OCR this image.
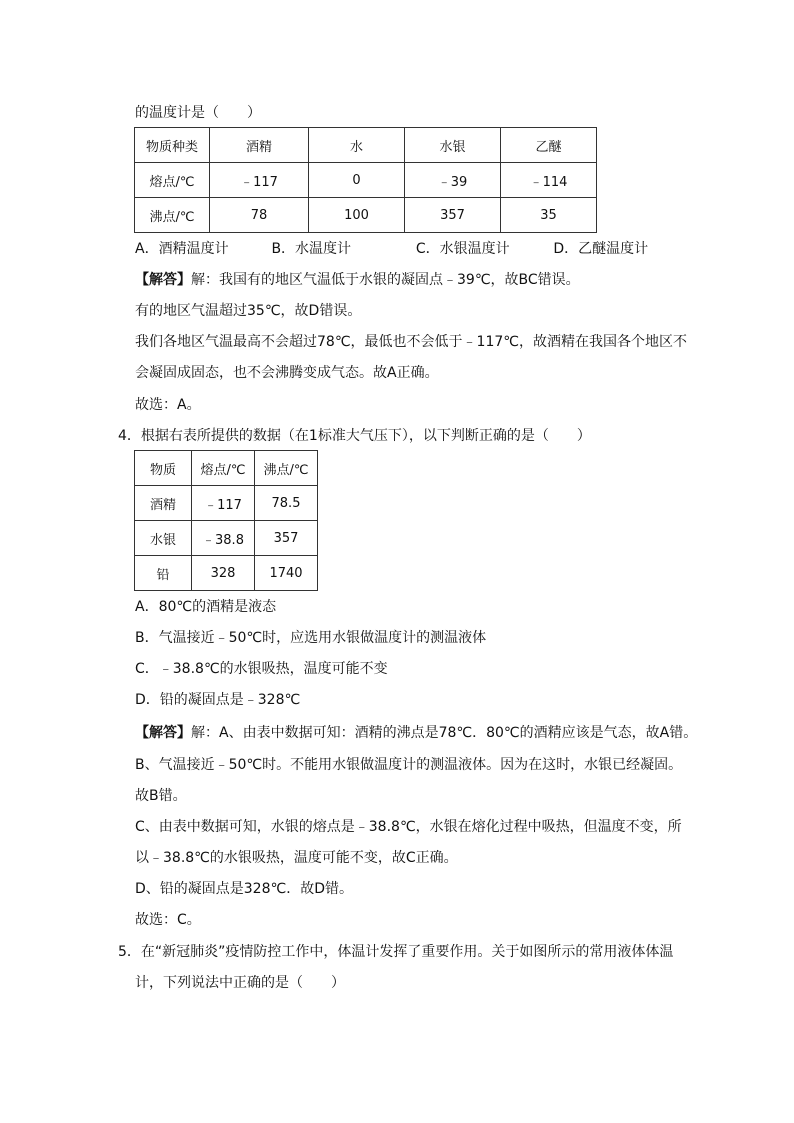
的温度计是（　　）
物质种类	酒精	水	水银	乙醚
熔点/℃	﹣117	0	﹣39	﹣114
沸点/℃	78	100	357	35
A．酒精温度计	B．水温度计	C．水银温度计	D．乙醚温度计
【解答】解：我国有的地区气温低于水银的凝固点﹣39℃，故BC错误。
有的地区气温超过35℃，故D错误。
我们各地区气温最高不会超过78℃，最低也不会低于﹣117℃，故酒精在我国各个地区不
会凝固成固态，也不会沸腾变成气态。故A正确。
故选：A。
4．根据右表所提供的数据（在1标准大气压下），以下判断正确的是（　　）
物质	熔点/℃	沸点/℃
酒精	﹣117	78.5
水银	﹣38.8	357
铅	328	1740
A．80℃的酒精是液态
B．气温接近﹣50℃时，应选用水银做温度计的测温液体
C．﹣38.8℃的水银吸热，温度可能不变
D．铅的凝固点是﹣328℃
【解答】解：A、由表中数据可知：酒精的沸点是78℃．80℃的酒精应该是气态，故A错。
B、气温接近﹣50℃时。不能用水银做温度计的测温液体。因为在这时，水银已经凝固。
故B错。
C、由表中数据可知，水银的熔点是﹣38.8℃，水银在熔化过程中吸热，但温度不变，所
以﹣38.8℃的水银吸热，温度可能不变，故C正确。
D、铅的凝固点是328℃．故D错。
故选：C。
5．在“新冠肺炎”疫情防控工作中，体温计发挥了重要作用。关于如图所示的常用液体体温
计，下列说法中正确的是（　　）
